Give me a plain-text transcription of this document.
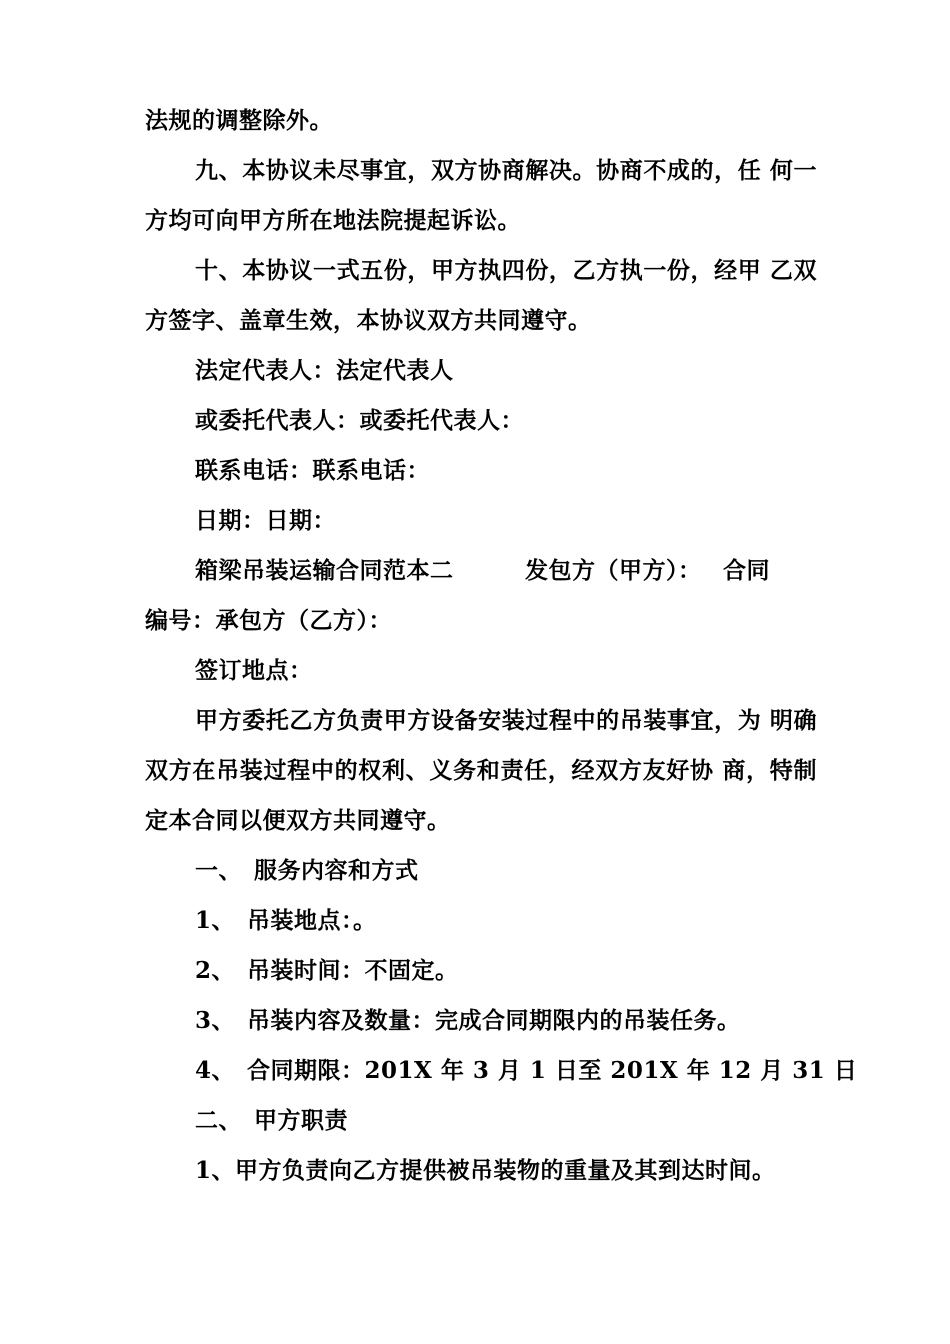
法规的调整除外。
九、本协议未尽事宜，双方协商解决。协商不成的，任 何一
方均可向甲方所在地法院提起诉讼。
十、本协议一式五份，甲方执四份，乙方执一份，经甲 乙双
方签字、盖章生效，本协议双方共同遵守。
法定代表人：法定代表人
或委托代表人：或委托代表人：
联系电话：联系电话：
日期：日期：
箱梁吊装运输合同范本二	发包方（甲方）： 合同
编号：承包方（乙方）：
签订地点：
甲方委托乙方负责甲方设备安装过程中的吊装事宜，为 明确
双方在吊装过程中的权利、义务和责任，经双方友好协 商，特制
定本合同以便双方共同遵守。
一、　服务内容和方式
1、　吊装地点：。
2、　吊装时间：不固定。
3、　吊装内容及数量：完成合同期限内的吊装任务。
4、　合同期限：201X 年 3 月 1 日至 201X 年 12 月 31 日
二、　甲方职责
1、甲方负责向乙方提供被吊装物的重量及其到达时间。
